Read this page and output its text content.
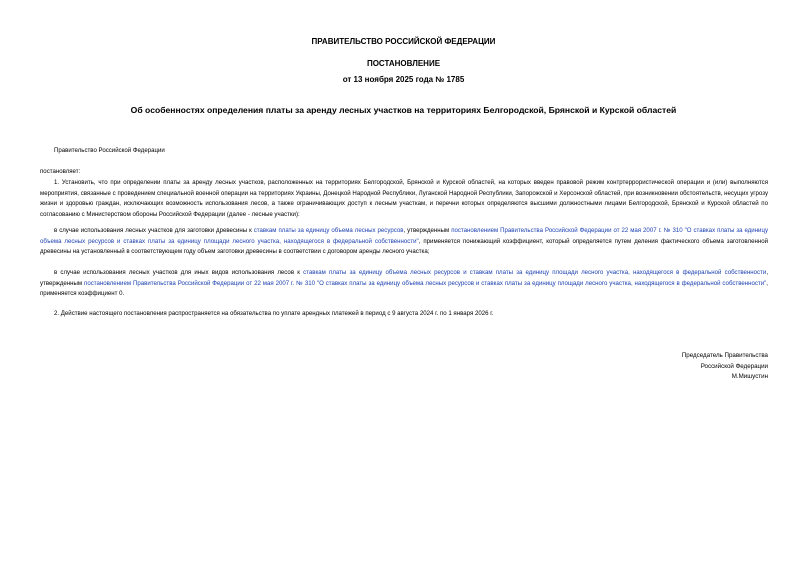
ПРАВИТЕЛЬСТВО РОССИЙСКОЙ ФЕДЕРАЦИИ
ПОСТАНОВЛЕНИЕ
от 13 ноября 2025 года № 1785
Об особенностях определения платы за аренду лесных участков на территориях Белгородской, Брянской и Курской областей
Правительство Российской Федерации
постановляет:
1. Установить, что при определении платы за аренду лесных участков, расположенных на территориях Белгородской, Брянской и Курской областей, на которых введен правовой режим контртеррористической операции и (или) выполняются мероприятия, связанные с проведением специальной военной операции на территориях Украины, Донецкой Народной Республики, Луганской Народной Республики, Запорожской и Херсонской областей, при возникновении обстоятельств, несущих угрозу жизни и здоровью граждан, исключающих возможность использования лесов, а также ограничивающих доступ к лесным участкам, и перечни которых определяются высшими должностными лицами Белгородской, Брянской и Курской областей по согласованию с Министерством обороны Российской Федерации (далее - лесные участки):
в случае использования лесных участков для заготовки древесины к ставкам платы за единицу объема лесных ресурсов, утвержденным постановлением Правительства Российской Федерации от 22 мая 2007 г. № 310 "О ставках платы за единицу объема лесных ресурсов и ставках платы за единицу площади лесного участка, находящегося в федеральной собственности", применяется понижающий коэффициент, который определяется путем деления фактического объема заготовленной древесины на установленный в соответствующем году объем заготовки древесины в соответствии с договором аренды лесного участка;
в случае использования лесных участков для иных видов использования лесов к ставкам платы за единицу объема лесных ресурсов и ставкам платы за единицу площади лесного участка, находящегося в федеральной собственности, утвержденным постановлением Правительства Российской Федерации от 22 мая 2007 г. № 310 "О ставках платы за единицу объема лесных ресурсов и ставках платы за единицу площади лесного участка, находящегося в федеральной собственности", применяется коэффициент 0.
2. Действие настоящего постановления распространяется на обязательства по уплате арендных платежей в период с 9 августа 2024 г. по 1 января 2026 г.
Председатель Правительства
Российской Федерации
М.Мишустин
